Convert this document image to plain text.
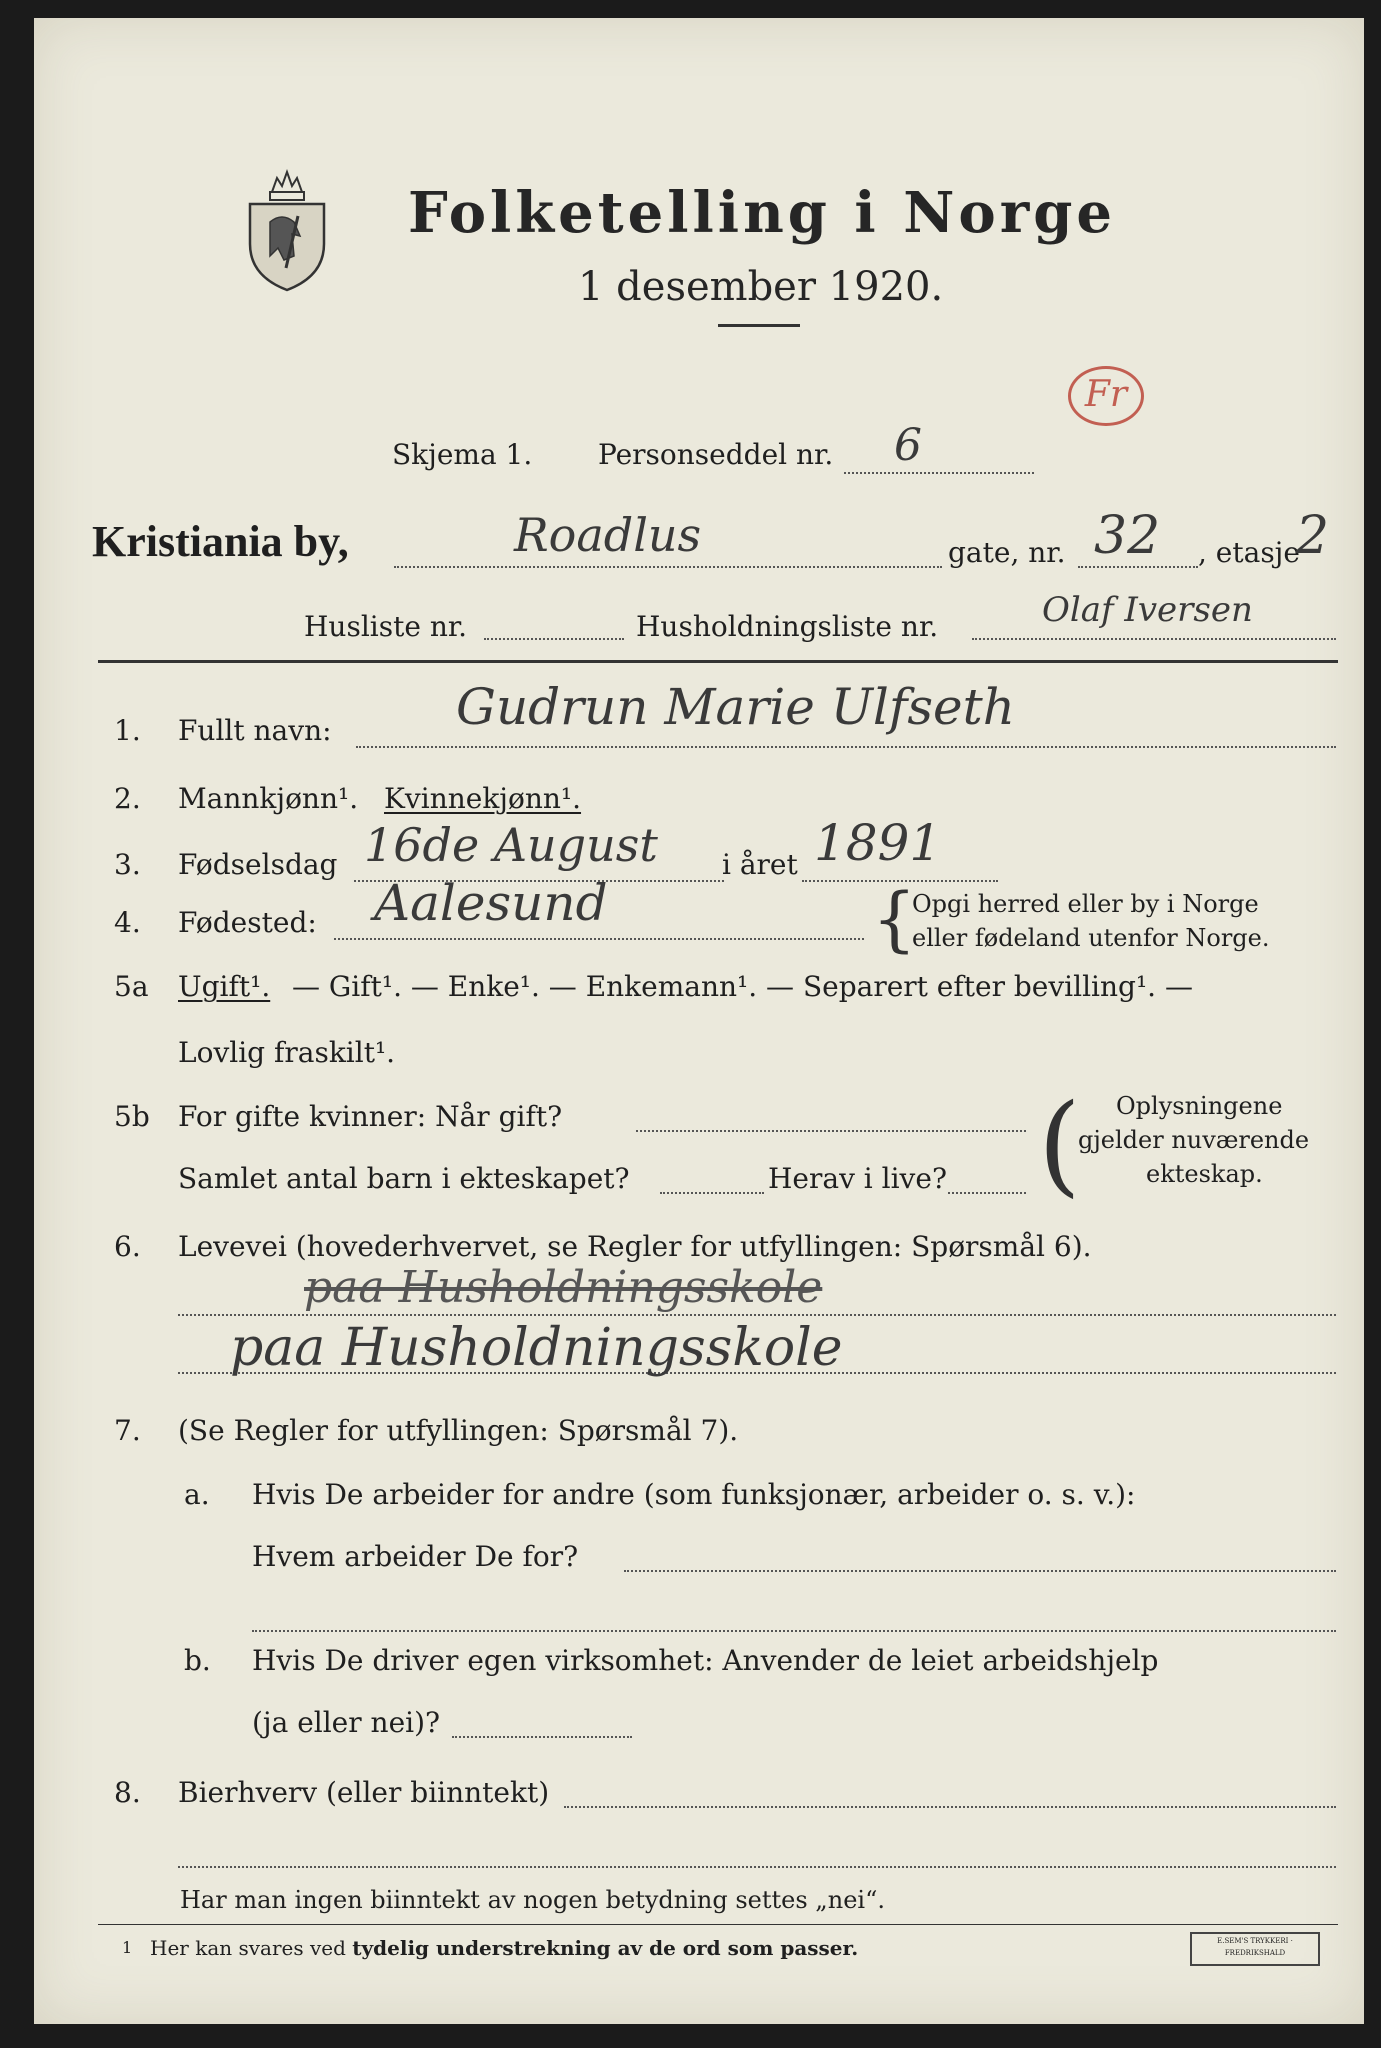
Folketelling i Norge
1 desember 1920.
Fr
Skjema 1. Personseddel nr. 6
Kristiania by,	Roadlus	gate, nr. 32 , etasje
2
Husliste nr.	Husholdningsliste nr.	Olaf Iversen
1. Fullt navn: Gudrun Marie Ulfseth
2. Mannkjønn¹. Kvinnekjønn¹.
3. Fødselsdag 16de August i året 1891
4. Fødested: Aalesund	{
Opgi herred eller by i Norge
eller fødeland utenfor Norge.
5a Ugift¹. — Gift¹. — Enke¹. — Enkemann¹. — Separert efter bevilling¹. —
Lovlig fraskilt¹.
5b For gifte kvinner: Når gift?
Samlet antal barn i ekteskapet?	Herav i live? ( Oplysningene
gjelder nuværende
ekteskap.
6. Levevei (hovederhvervet, se Regler for utfyllingen: Spørsmål 6).
paa Husholdningsskole
paa Husholdningsskole
7. (Se Regler for utfyllingen: Spørsmål 7).
a. Hvis De arbeider for andre (som funksjonær, arbeider o. s. v.):
Hvem arbeider De for?
b. Hvis De driver egen virksomhet: Anvender de leiet arbeidshjelp
(ja eller nei)?
8. Bierhverv (eller biinntekt)
Har man ingen biinntekt av nogen betydning settes „nei“.
1 Her kan svares ved tydelig understrekning av de ord som passer.	E.SEM'S TRYKKERI · FREDRIKSHALD
